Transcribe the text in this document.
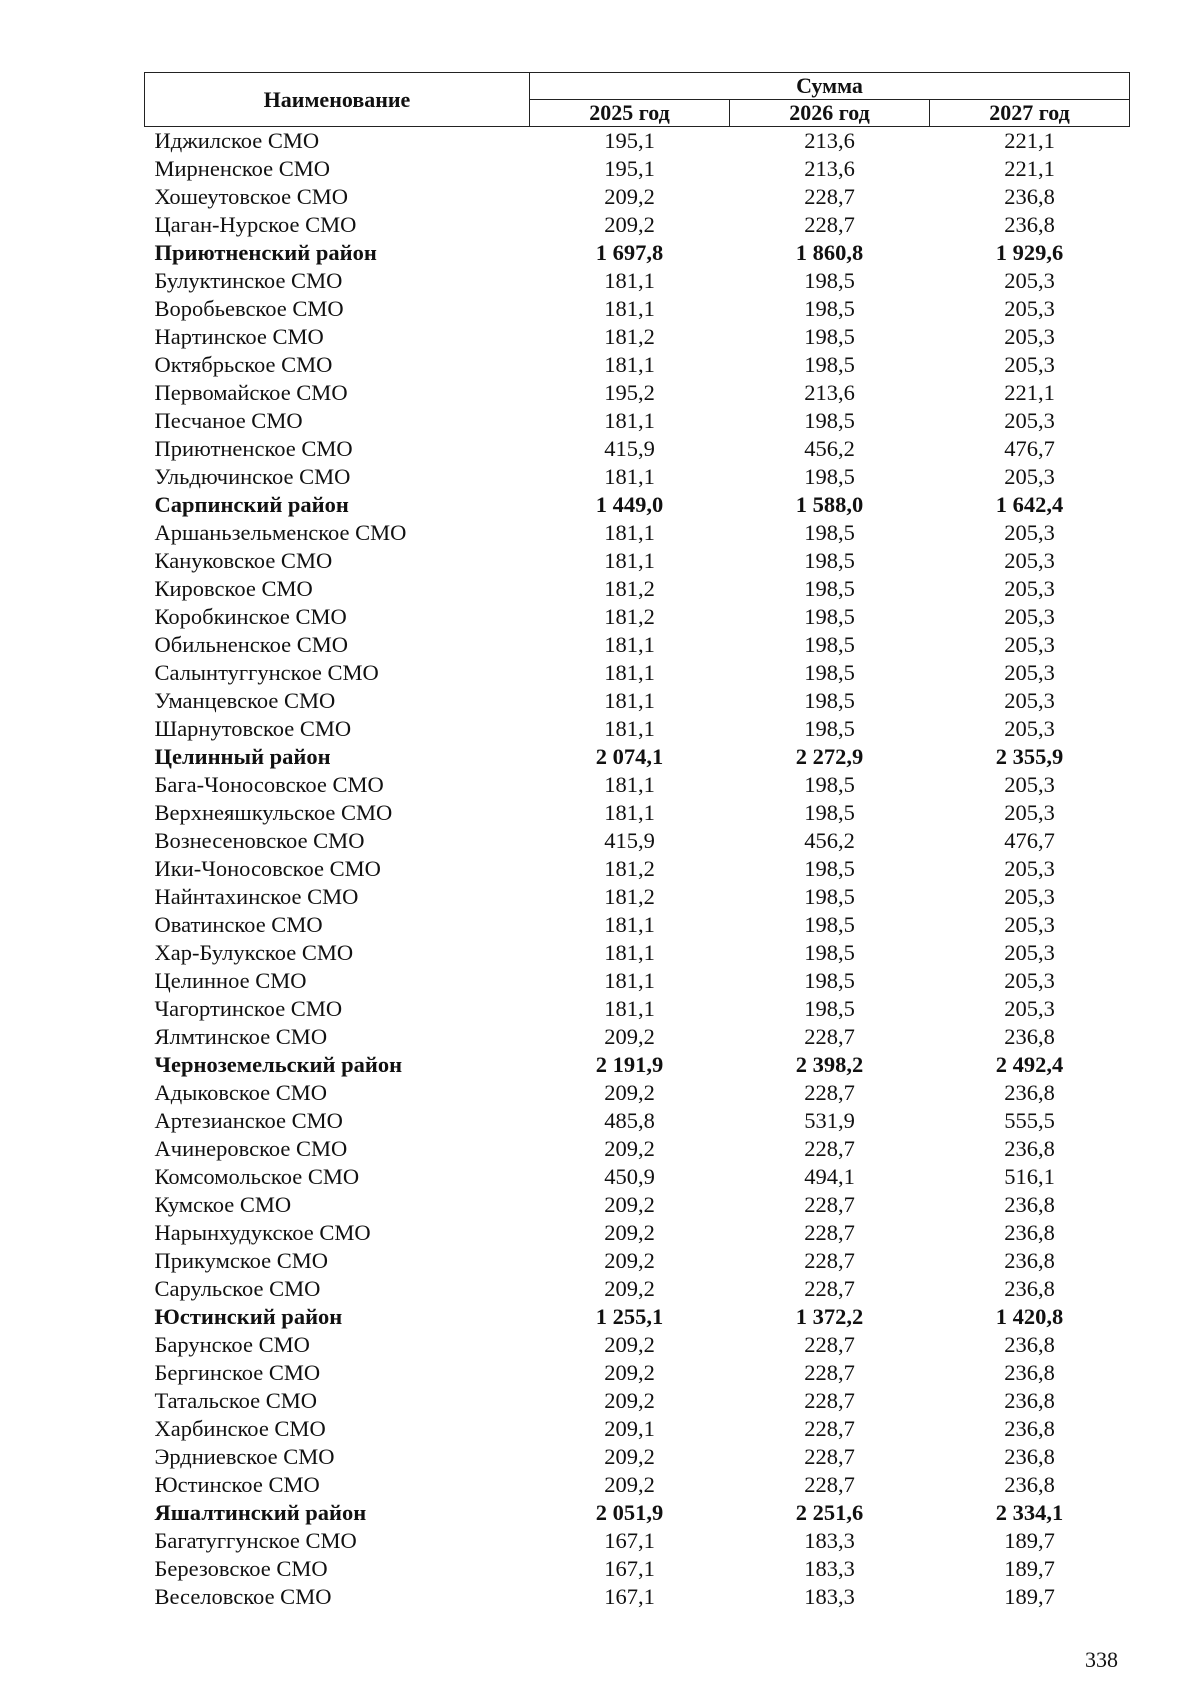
Наименование	Сумма		
	2025 год	2026 год	2027 год
Иджилское СМО	195,1	213,6	221,1
Мирненское СМО	195,1	213,6	221,1
Хошеутовское СМО	209,2	228,7	236,8
Цаган-Нурское СМО	209,2	228,7	236,8
Приютненский район	1 697,8	1 860,8	1 929,6
Булуктинское СМО	181,1	198,5	205,3
Воробьевское СМО	181,1	198,5	205,3
Нартинское СМО	181,2	198,5	205,3
Октябрьское СМО	181,1	198,5	205,3
Первомайское СМО	195,2	213,6	221,1
Песчаное СМО	181,1	198,5	205,3
Приютненское СМО	415,9	456,2	476,7
Ульдючинское СМО	181,1	198,5	205,3
Сарпинский район	1 449,0	1 588,0	1 642,4
Аршаньзельменское СМО	181,1	198,5	205,3
Кануковское СМО	181,1	198,5	205,3
Кировское СМО	181,2	198,5	205,3
Коробкинское СМО	181,2	198,5	205,3
Обильненское СМО	181,1	198,5	205,3
Салынтуггунское СМО	181,1	198,5	205,3
Уманцевское СМО	181,1	198,5	205,3
Шарнутовское СМО	181,1	198,5	205,3
Целинный район	2 074,1	2 272,9	2 355,9
Бага-Чоносовское СМО	181,1	198,5	205,3
Верхнеяшкульское СМО	181,1	198,5	205,3
Вознесеновское СМО	415,9	456,2	476,7
Ики-Чоносовское СМО	181,2	198,5	205,3
Найнтахинское СМО	181,2	198,5	205,3
Оватинское СМО	181,1	198,5	205,3
Хар-Булукское СМО	181,1	198,5	205,3
Целинное СМО	181,1	198,5	205,3
Чагортинское СМО	181,1	198,5	205,3
Ялмтинское СМО	209,2	228,7	236,8
Черноземельский район	2 191,9	2 398,2	2 492,4
Адыковское СМО	209,2	228,7	236,8
Артезианское СМО	485,8	531,9	555,5
Ачинеровское СМО	209,2	228,7	236,8
Комсомольское СМО	450,9	494,1	516,1
Кумское СМО	209,2	228,7	236,8
Нарынхудукское СМО	209,2	228,7	236,8
Прикумское СМО	209,2	228,7	236,8
Сарульское СМО	209,2	228,7	236,8
Юстинский район	1 255,1	1 372,2	1 420,8
Барунское СМО	209,2	228,7	236,8
Бергинское СМО	209,2	228,7	236,8
Татальское СМО	209,2	228,7	236,8
Харбинское СМО	209,1	228,7	236,8
Эрдниевское СМО	209,2	228,7	236,8
Юстинское СМО	209,2	228,7	236,8
Яшалтинский район	2 051,9	2 251,6	2 334,1
Багатуггунское СМО	167,1	183,3	189,7
Березовское СМО	167,1	183,3	189,7
Веселовское СМО	167,1	183,3	189,7
338
